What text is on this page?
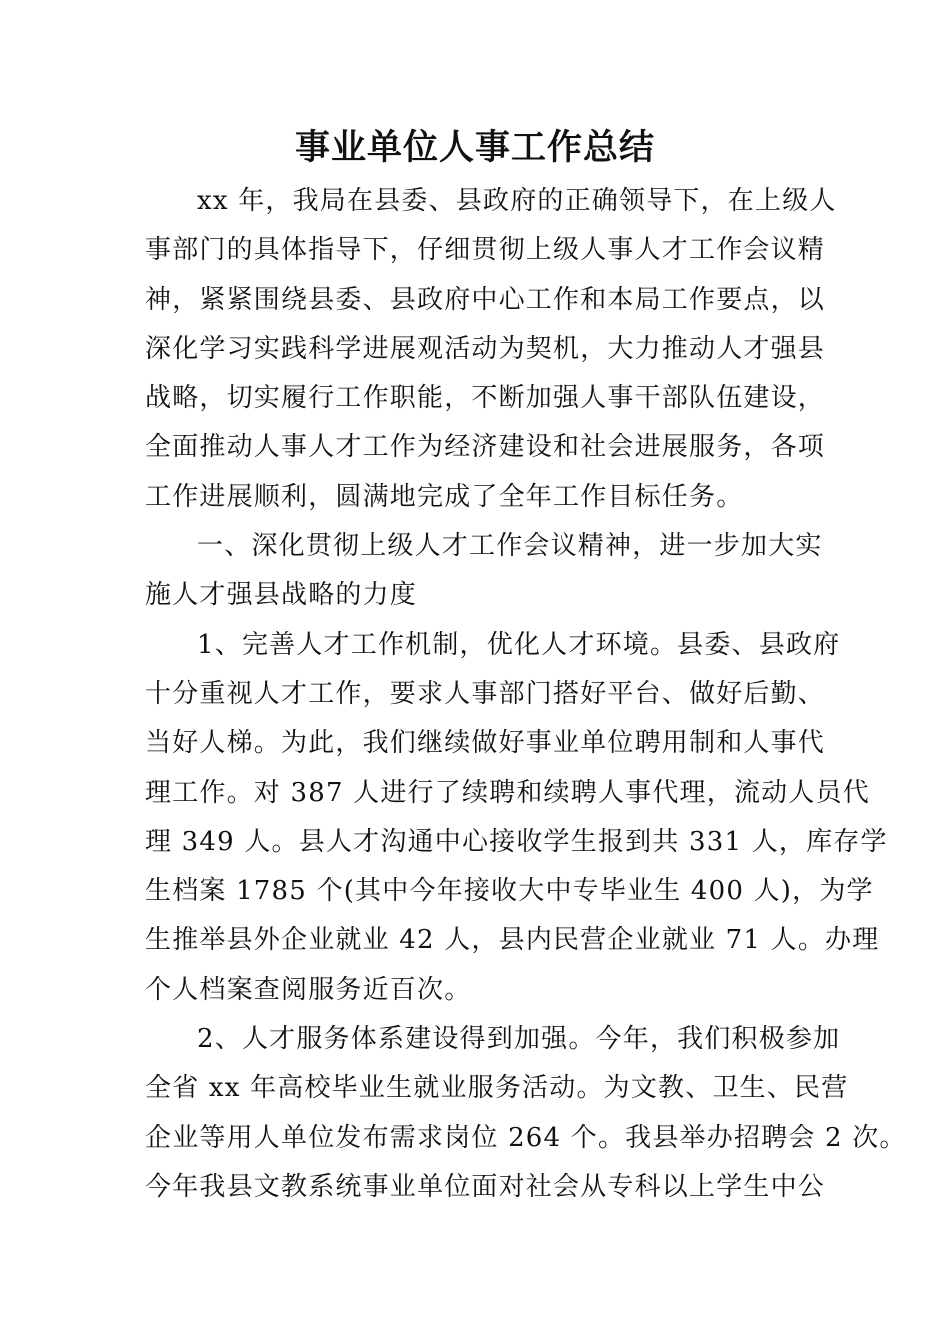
事业单位人事工作总结
xx 年，我局在县委、县政府的正确领导下，在上级人
事部门的具体指导下，仔细贯彻上级人事人才工作会议精
神，紧紧围绕县委、县政府中心工作和本局工作要点，以
深化学习实践科学进展观活动为契机，大力推动人才强县
战略，切实履行工作职能，不断加强人事干部队伍建设，
全面推动人事人才工作为经济建设和社会进展服务，各项
工作进展顺利，圆满地完成了全年工作目标任务。
一、深化贯彻上级人才工作会议精神，进一步加大实
施人才强县战略的力度
1、完善人才工作机制，优化人才环境。县委、县政府
十分重视人才工作，要求人事部门搭好平台、做好后勤、
当好人梯。为此，我们继续做好事业单位聘用制和人事代
理工作。对 387 人进行了续聘和续聘人事代理，流动人员代
理 349 人。县人才沟通中心接收学生报到共 331 人，库存学
生档案 1785 个(其中今年接收大中专毕业生 400 人)，为学
生推举县外企业就业 42 人，县内民营企业就业 71 人。办理
个人档案查阅服务近百次。
2、人才服务体系建设得到加强。今年，我们积极参加
全省 xx 年高校毕业生就业服务活动。为文教、卫生、民营
企业等用人单位发布需求岗位 264 个。我县举办招聘会 2 次。
今年我县文教系统事业单位面对社会从专科以上学生中公
